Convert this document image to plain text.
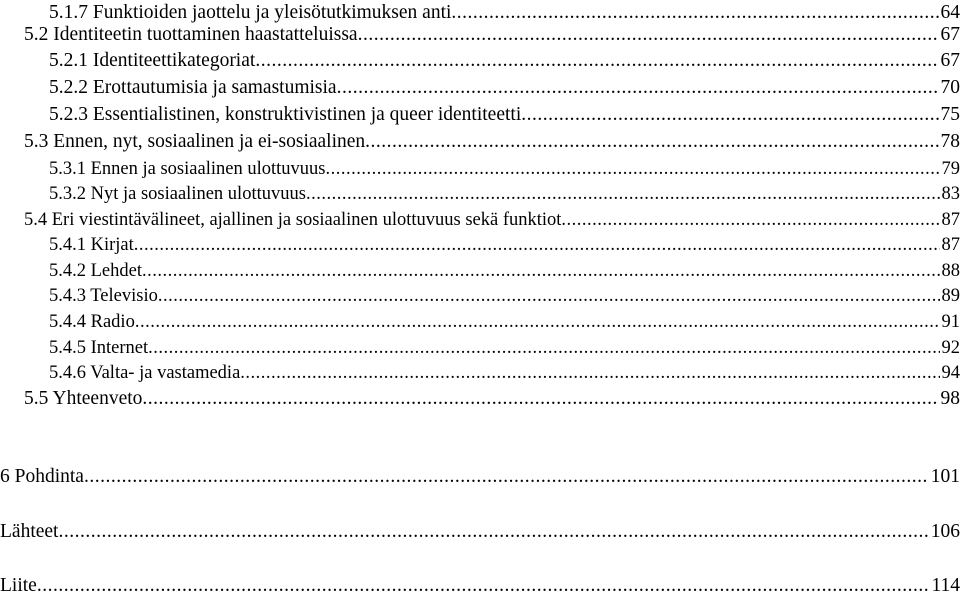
5.1.7 Funktioiden jaottelu ja yleisötutkimuksen anti .....	64
5.2 Identiteetin tuottaminen haastatteluissa .....	67
5.2.1 Identiteettikategoriat .....	67
5.2.2 Erottautumisia ja samastumisia .....	70
5.2.3 Essentialistinen, konstruktivistinen ja queer identiteetti .....	75
5.3 Ennen, nyt, sosiaalinen ja ei-sosiaalinen .....	78
5.3.1 Ennen ja sosiaalinen ulottuvuus .....	79
5.3.2 Nyt ja sosiaalinen ulottuvuus .....	83
5.4 Eri viestintävälineet, ajallinen ja sosiaalinen ulottuvuus sekä funktiot .....	87
5.4.1 Kirjat .....	87
5.4.2 Lehdet .....	88
5.4.3 Televisio .....	89
5.4.4 Radio .....	91
5.4.5 Internet .....	92
5.4.6 Valta- ja vastamedia .....	94
5.5 Yhteenveto .....	98
6 Pohdinta .....	101
Lähteet .....	106
Liite .....	114
